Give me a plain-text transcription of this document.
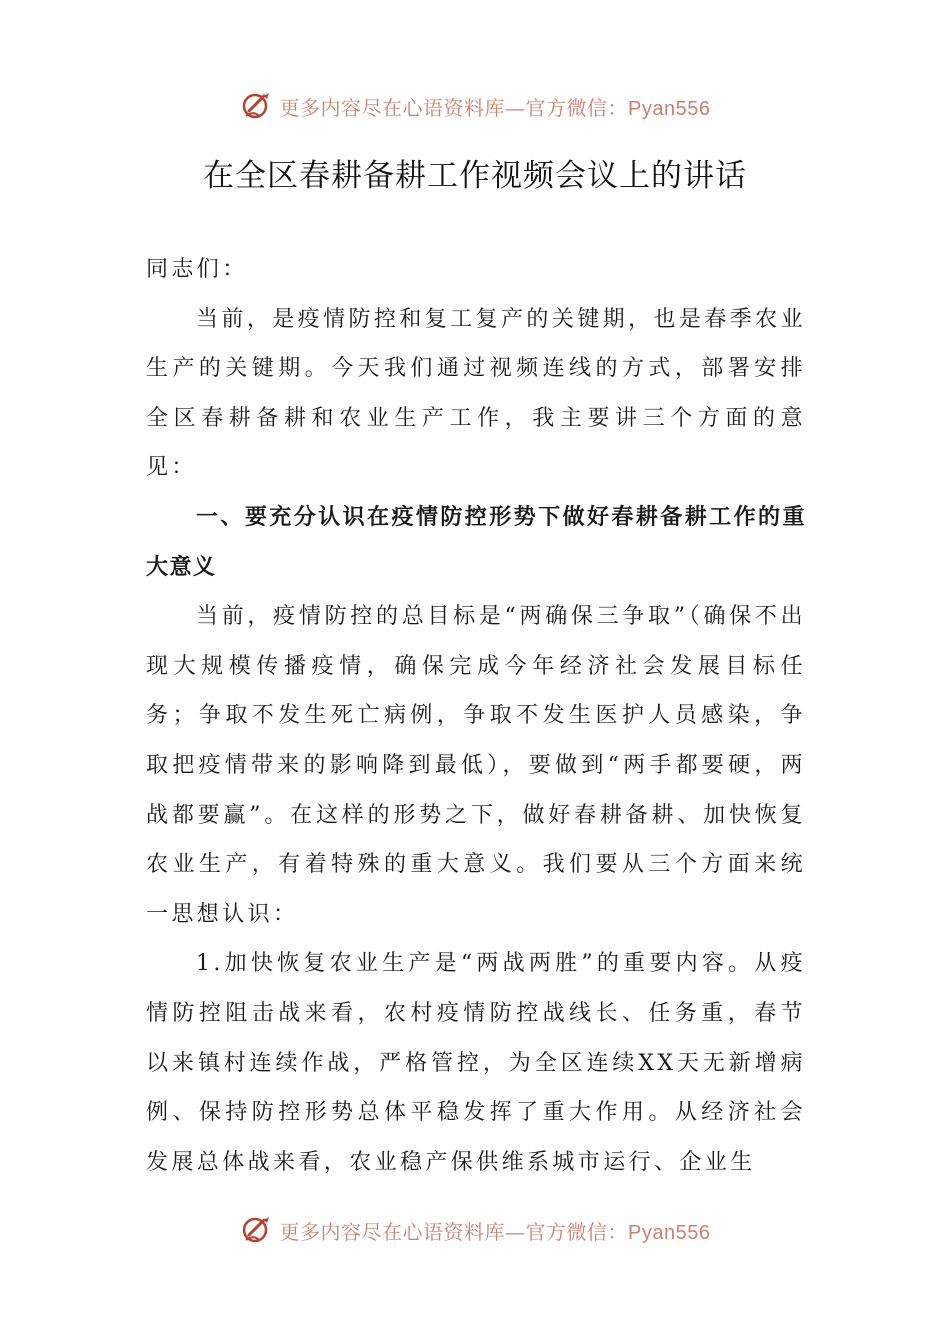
更多内容尽在心语资料库—官方微信：Pyan556
在全区春耕备耕工作视频会议上的讲话

同志们：

当前，是疫情防控和复工复产的关键期，也是春季农业生产的关键期。今天我们通过视频连线的方式，部署安排全区春耕备耕和农业生产工作，我主要讲三个方面的意见：

一、要充分认识在疫情防控形势下做好春耕备耕工作的重大意义

当前，疫情防控的总目标是“两确保三争取”（确保不出现大规模传播疫情，确保完成今年经济社会发展目标任务；争取不发生死亡病例，争取不发生医护人员感染，争取把疫情带来的影响降到最低），要做到“两手都要硬，两战都要赢”。在这样的形势之下，做好春耕备耕、加快恢复农业生产，有着特殊的重大意义。我们要从三个方面来统一思想认识：

1.加快恢复农业生产是“两战两胜”的重要内容。从疫情防控阻击战来看，农村疫情防控战线长、任务重，春节以来镇村连续作战，严格管控，为全区连续XX天无新增病例、保持防控形势总体平稳发挥了重大作用。从经济社会发展总体战来看，农业稳产保供维系城市运行、企业生

更多内容尽在心语资料库—官方微信：Pyan556
